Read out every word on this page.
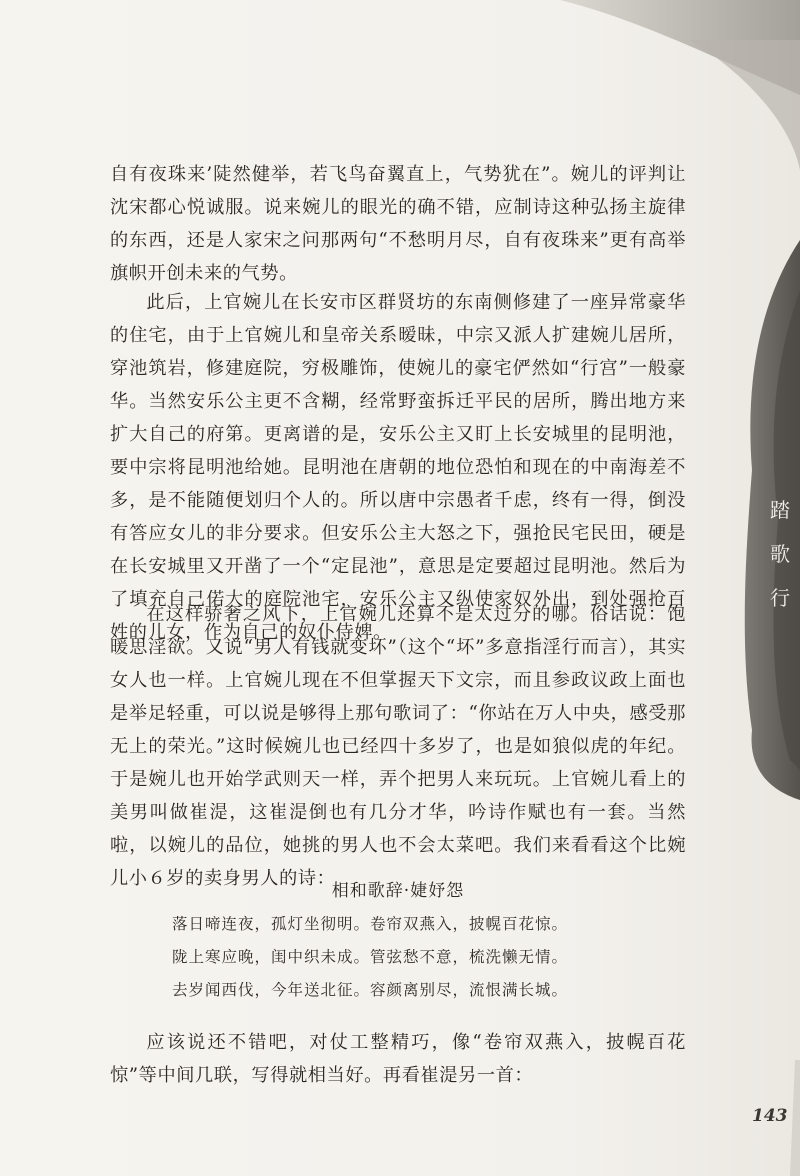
踏
歌
行

自有夜珠来’陡然健举，若飞鸟奋翼直上，气势犹在”。婉儿的评判让沈宋都心悦诚服。说来婉儿的眼光的确不错，应制诗这种弘扬主旋律的东西，还是人家宋之问那两句“不愁明月尽，自有夜珠来”更有高举旗帜开创未来的气势。

此后，上官婉儿在长安市区群贤坊的东南侧修建了一座异常豪华的住宅，由于上官婉儿和皇帝关系暧昧，中宗又派人扩建婉儿居所，穿池筑岩，修建庭院，穷极雕饰，使婉儿的豪宅俨然如“行宫”一般豪华。当然安乐公主更不含糊，经常野蛮拆迁平民的居所，腾出地方来扩大自己的府第。更离谱的是，安乐公主又盯上长安城里的昆明池，要中宗将昆明池给她。昆明池在唐朝的地位恐怕和现在的中南海差不多，是不能随便划归个人的。所以唐中宗愚者千虑，终有一得，倒没有答应女儿的非分要求。但安乐公主大怒之下，强抢民宅民田，硬是在长安城里又开凿了一个“定昆池”，意思是定要超过昆明池。然后为了填充自己偌大的庭院池宅，安乐公主又纵使家奴外出，到处强抢百姓的儿女，作为自己的奴仆侍婢。

在这样骄奢之风下，上官婉儿还算不是太过分的哪。俗话说：饱暖思淫欲。又说“男人有钱就变坏”（这个“坏”多意指淫行而言），其实女人也一样。上官婉儿现在不但掌握天下文宗，而且参政议政上面也是举足轻重，可以说是够得上那句歌词了：“你站在万人中央，感受那无上的荣光。”这时候婉儿也已经四十多岁了，也是如狼似虎的年纪。于是婉儿也开始学武则天一样，弄个把男人来玩玩。上官婉儿看上的美男叫做崔湜，这崔湜倒也有几分才华，吟诗作赋也有一套。当然啦，以婉儿的品位，她挑的男人也不会太菜吧。我们来看看这个比婉儿小６岁的卖身男人的诗：

相和歌辞·婕妤怨
落日啼连夜，孤灯坐彻明。卷帘双燕入，披幌百花惊。
陇上寒应晚，闺中织未成。管弦愁不意，梳洗懒无情。
去岁闻西伐，今年送北征。容颜离别尽，流恨满长城。

应该说还不错吧，对仗工整精巧，像“卷帘双燕入，披幌百花惊”等中间几联，写得就相当好。再看崔湜另一首：

143
